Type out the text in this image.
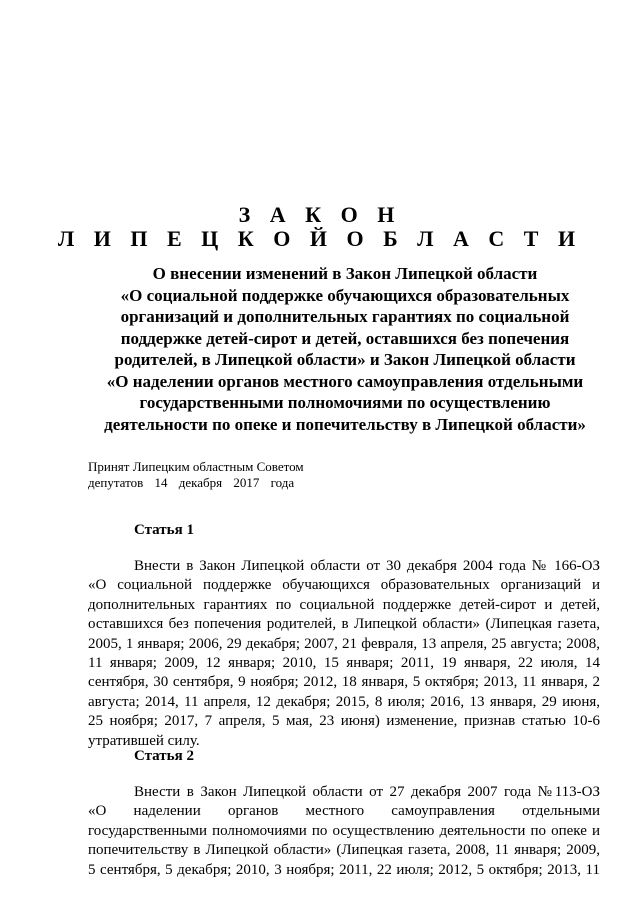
З А К О Н
Л И П Е Ц К О Й О Б Л А С Т И
О внесении изменений в Закон Липецкой области
«О социальной поддержке обучающихся образовательных
организаций и дополнительных гарантиях по социальной
поддержке детей-сирот и детей, оставшихся без попечения
родителей, в Липецкой области» и Закон Липецкой области
«О наделении органов местного самоуправления отдельными
государственными полномочиями по осуществлению
деятельности по опеке и попечительству в Липецкой области»
Принят Липецким областным Советом
депутатов 14 декабря 2017 года
Статья 1
Внести в Закон Липецкой области от 30 декабря 2004 года № 166-ОЗ
«О социальной поддержке обучающихся образовательных организаций и
дополнительных гарантиях по социальной поддержке детей-сирот и детей,
оставшихся без попечения родителей, в Липецкой области» (Липецкая газета,
2005, 1 января; 2006, 29 декабря; 2007, 21 февраля, 13 апреля, 25 августа; 2008,
11 января; 2009, 12 января; 2010, 15 января; 2011, 19 января, 22 июля, 14
сентября, 30 сентября, 9 ноября; 2012, 18 января, 5 октября; 2013, 11 января, 2
августа; 2014, 11 апреля, 12 декабря; 2015, 8 июля; 2016, 13 января, 29 июня,
25 ноября; 2017, 7 апреля, 5 мая, 23 июня) изменение, признав статью 10-6
утратившей силу.
Статья 2
Внести в Закон Липецкой области от 27 декабря 2007 года №113-ОЗ
«О наделении органов местного самоуправления отдельными
государственными полномочиями по осуществлению деятельности по опеке и
попечительству в Липецкой области» (Липецкая газета, 2008, 11 января; 2009,
5 сентября, 5 декабря; 2010, 3 ноября; 2011, 22 июля; 2012, 5 октября; 2013, 11
